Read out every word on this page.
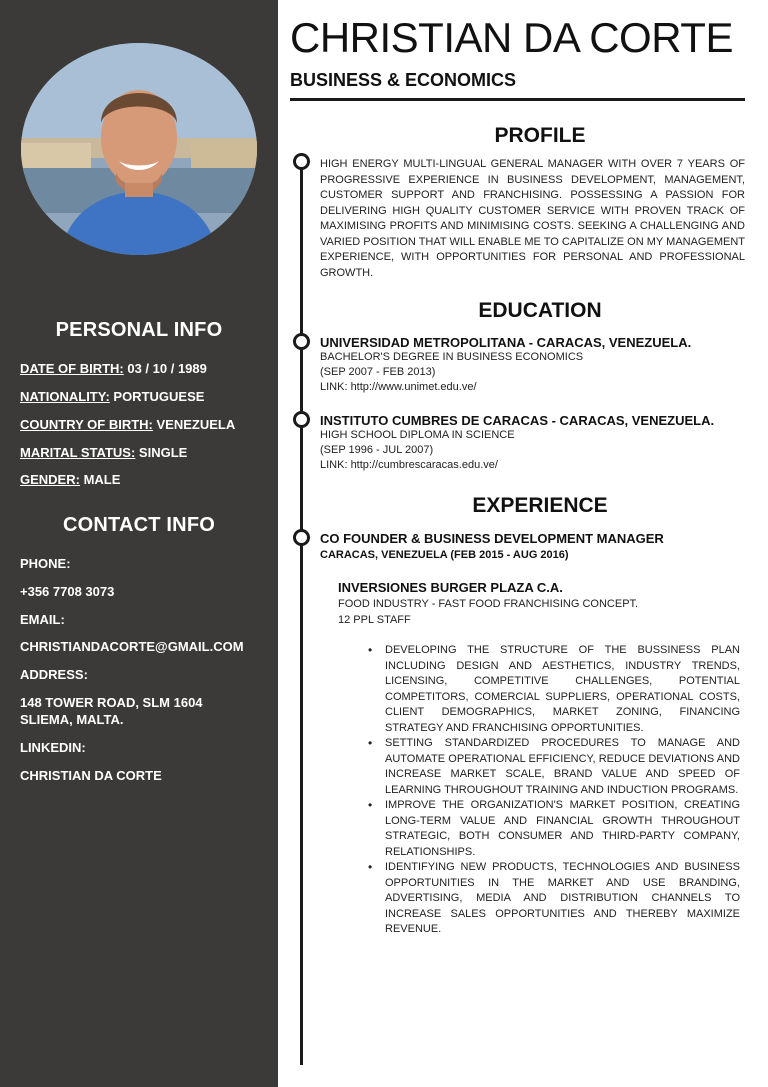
PERSONAL INFO
DATE OF BIRTH: 03 / 10 / 1989
NATIONALITY: PORTUGUESE
COUNTRY OF BIRTH: VENEZUELA
MARITAL STATUS: SINGLE
GENDER: MALE
CONTACT INFO
PHONE:
+356 7708 3073
EMAIL:
CHRISTIANDACORTE@GMAIL.COM
ADDRESS:
148 TOWER ROAD, SLM 1604
SLIEMA, MALTA.
LINKEDIN:
CHRISTIAN DA CORTE
CHRISTIAN DA CORTE
BUSINESS & ECONOMICS
PROFILE
HIGH ENERGY MULTI-LINGUAL GENERAL MANAGER WITH OVER 7 YEARS OF PROGRESSIVE EXPERIENCE IN BUSINESS DEVELOPMENT, MANAGEMENT, CUSTOMER SUPPORT AND FRANCHISING. POSSESSING A PASSION FOR DELIVERING HIGH QUALITY CUSTOMER SERVICE WITH PROVEN TRACK OF MAXIMISING PROFITS AND MINIMISING COSTS. SEEKING A CHALLENGING AND VARIED POSITION THAT WILL ENABLE ME TO CAPITALIZE ON MY MANAGEMENT EXPERIENCE, WITH OPPORTUNITIES FOR PERSONAL AND PROFESSIONAL GROWTH.
EDUCATION
UNIVERSIDAD METROPOLITANA - CARACAS, VENEZUELA.
BACHELOR'S DEGREE IN BUSINESS ECONOMICS
(SEP 2007 - FEB 2013)
LINK: http://www.unimet.edu.ve/
INSTITUTO CUMBRES DE CARACAS - CARACAS, VENEZUELA.
HIGH SCHOOL DIPLOMA IN SCIENCE
(SEP 1996 - JUL 2007)
LINK: http://cumbrescaracas.edu.ve/
EXPERIENCE
CO FOUNDER & BUSINESS DEVELOPMENT MANAGER
CARACAS, VENEZUELA (FEB 2015 - AUG 2016)
INVERSIONES BURGER PLAZA C.A.
FOOD INDUSTRY - FAST FOOD FRANCHISING CONCEPT.
12 PPL STAFF
• DEVELOPING THE STRUCTURE OF THE BUSSINESS PLAN INCLUDING DESIGN AND AESTHETICS, INDUSTRY TRENDS, LICENSING, COMPETITIVE CHALLENGES, POTENTIAL COMPETITORS, COMERCIAL SUPPLIERS, OPERATIONAL COSTS, CLIENT DEMOGRAPHICS, MARKET ZONING, FINANCING STRATEGY AND FRANCHISING OPPORTUNITIES.
• SETTING STANDARDIZED PROCEDURES TO MANAGE AND AUTOMATE OPERATIONAL EFFICIENCY, REDUCE DEVIATIONS AND INCREASE MARKET SCALE, BRAND VALUE AND SPEED OF LEARNING THROUGHOUT TRAINING AND INDUCTION PROGRAMS.
• IMPROVE THE ORGANIZATION'S MARKET POSITION, CREATING LONG-TERM VALUE AND FINANCIAL GROWTH THROUGHOUT STRATEGIC, BOTH CONSUMER AND THIRD-PARTY COMPANY, RELATIONSHIPS.
• IDENTIFYING NEW PRODUCTS, TECHNOLOGIES AND BUSINESS OPPORTUNITIES IN THE MARKET AND USE BRANDING, ADVERTISING, MEDIA AND DISTRIBUTION CHANNELS TO INCREASE SALES OPPORTUNITIES AND THEREBY MAXIMIZE REVENUE.
